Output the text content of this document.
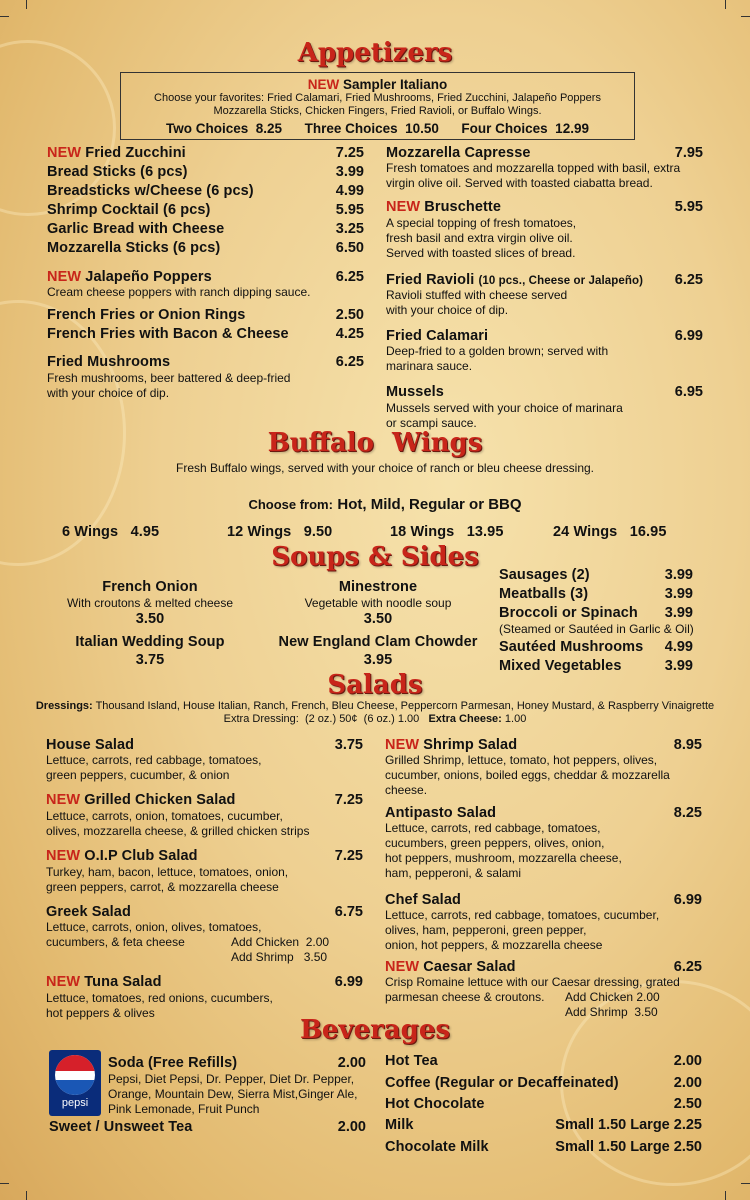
Appetizers
NEW Sampler Italiano
Choose your favorites: Fried Calamari, Fried Mushrooms, Fried Zucchini, Jalapeño Poppers
Mozzarella Sticks, Chicken Fingers, Fried Ravioli, or Buffalo Wings.
Two Choices  8.25 Three Choices  10.50 Four Choices  12.99
NEW Fried Zucchini	7.25
Bread Sticks (6 pcs)	3.99
Breadsticks w/Cheese (6 pcs)	4.99
Shrimp Cocktail (6 pcs)	5.95
Garlic Bread with Cheese	3.25
Mozzarella Sticks (6 pcs)	6.50
NEW Jalapeño Poppers	6.25
Cream cheese poppers with ranch dipping sauce.
French Fries or Onion Rings	2.50
French Fries with Bacon & Cheese	4.25
Fried Mushrooms	6.25
Fresh mushrooms, beer battered & deep-fried
with your choice of dip.
Mozzarella Capresse	7.95
Fresh tomatoes and mozzarella topped with basil, extra
virgin olive oil. Served with toasted ciabatta bread.
NEW Bruschette	5.95
A special topping of fresh tomatoes,
fresh basil and extra virgin olive oil.
Served with toasted slices of bread.
Fried Ravioli (10 pcs., Cheese or Jalapeño)	6.25
Ravioli stuffed with cheese served
with your choice of dip.
Fried Calamari	6.99
Deep-fried to a golden brown; served with
marinara sauce.
Mussels	6.95
Mussels served with your choice of marinara
or scampi sauce.
Buffalo  Wings
Fresh Buffalo wings, served with your choice of ranch or bleu cheese dressing.
Choose from: Hot, Mild, Regular or BBQ
6 Wings 4.95	12 Wings 9.50	18 Wings 13.95	24 Wings 16.95
Soups & Sides
French Onion
With croutons & melted cheese
3.50
Minestrone
Vegetable with noodle soup
3.50
Italian Wedding Soup
3.75
New England Clam Chowder
3.95
Sausages (2)	3.99
Meatballs (3)	3.99
Broccoli or Spinach	3.99
(Steamed or Sautéed in Garlic & Oil)
Sautéed Mushrooms	4.99
Mixed Vegetables	3.99
Salads
Dressings: Thousand Island, House Italian, Ranch, French, Bleu Cheese, Peppercorn Parmesan, Honey Mustard, & Raspberry Vinaigrette
Extra Dressing:  (2 oz.) 50¢  (6 oz.) 1.00 Extra Cheese: 1.00
House Salad	3.75
Lettuce, carrots, red cabbage, tomatoes,
green peppers, cucumber, & onion
NEW Grilled Chicken Salad	7.25
Lettuce, carrots, onion, tomatoes, cucumber,
olives, mozzarella cheese, & grilled chicken strips
NEW O.I.P Club Salad	7.25
Turkey, ham, bacon, lettuce, tomatoes, onion,
green peppers, carrot, & mozzarella cheese
Greek Salad	6.75
Lettuce, carrots, onion, olives, tomatoes,
cucumbers, & feta cheese	Add Chicken  2.00
Add Shrimp   3.50
NEW Tuna Salad	6.99
Lettuce, tomatoes, red onions, cucumbers,
hot peppers & olives
NEW Shrimp Salad	8.95
Grilled Shrimp, lettuce, tomato, hot peppers, olives,
cucumber, onions, boiled eggs, cheddar & mozzarella
cheese.
Antipasto Salad	8.25
Lettuce, carrots, red cabbage, tomatoes,
cucumbers, green peppers, olives, onion,
hot peppers, mushroom, mozzarella cheese,
ham, pepperoni, & salami
Chef Salad	6.99
Lettuce, carrots, red cabbage, tomatoes, cucumber,
olives, ham, pepperoni, green pepper,
onion, hot peppers, & mozzarella cheese
NEW Caesar Salad	6.25
Crisp Romaine lettuce with our Caesar dressing, grated
parmesan cheese & croutons. Add Chicken 2.00
Add Shrimp  3.50
Beverages
pepsi
Soda (Free Refills)	2.00
Pepsi, Diet Pepsi, Dr. Pepper, Diet Dr. Pepper,
Orange, Mountain Dew, Sierra Mist,Ginger Ale,
Pink Lemonade, Fruit Punch
Sweet / Unsweet Tea	2.00
Hot Tea	2.00
Coffee (Regular or Decaffeinated)	2.00
Hot Chocolate	2.50
Milk	Small 1.50 Large 2.25
Chocolate Milk	Small 1.50 Large 2.50
